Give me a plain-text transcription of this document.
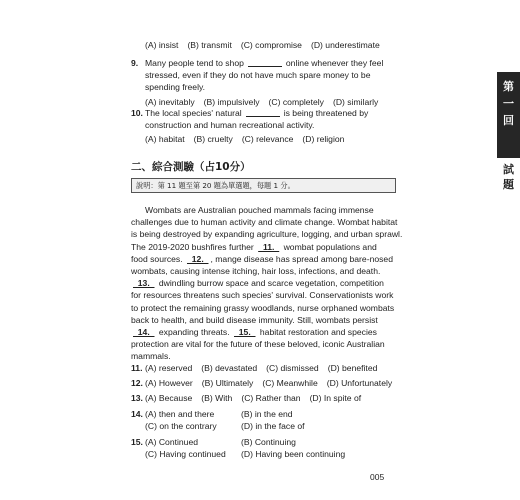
(A) insist (B) transmit (C) compromise (D) underestimate
9. Many people tend to shop	online whenever they feel
stressed, even if they do not have much spare money to be
spending freely.
(A) inevitably (B) impulsively (C) completely (D) similarly
10. The local species' natural	is being threatened by
construction and human recreational activity.
(A) habitat (B) cruelty (C) relevance (D) religion
第
一
回
試
題
二、綜合測驗（占10分）
說明：第 11 題至第 20 題為單選題，每題 1 分。
Wombats are Australian pouched mammals facing immense
challenges due to human activity and climate change. Wombat habitat
is being destroyed by expanding agriculture, logging, and urban sprawl.
The 2019-2020 bushfires further   11.   wombat populations and
food sources.   12.  , mange disease has spread among bare-nosed
wombats, causing intense itching, hair loss, infections, and death.
13.   dwindling burrow space and scarce vegetation, competition
for resources threatens such species' survival. Conservationists work
to protect the remaining grassy woodlands, nurse orphaned wombats
back to health, and build disease immunity. Still, wombats persist
14.   expanding threats.   15.   habitat restoration and species
protection are vital for the future of these beloved, iconic Australian
mammals.
11. (A) reserved (B) devastated (C) dismissed (D) benefited
12. (A) However (B) Ultimately (C) Meanwhile (D) Unfortunately
13. (A) Because (B) With (C) Rather than (D) In spite of
14. (A) then and there	(B) in the end
(C) on the contrary	(D) in the face of
15. (A) Continued	(B) Continuing
(C) Having continued	(D) Having been continuing
005
